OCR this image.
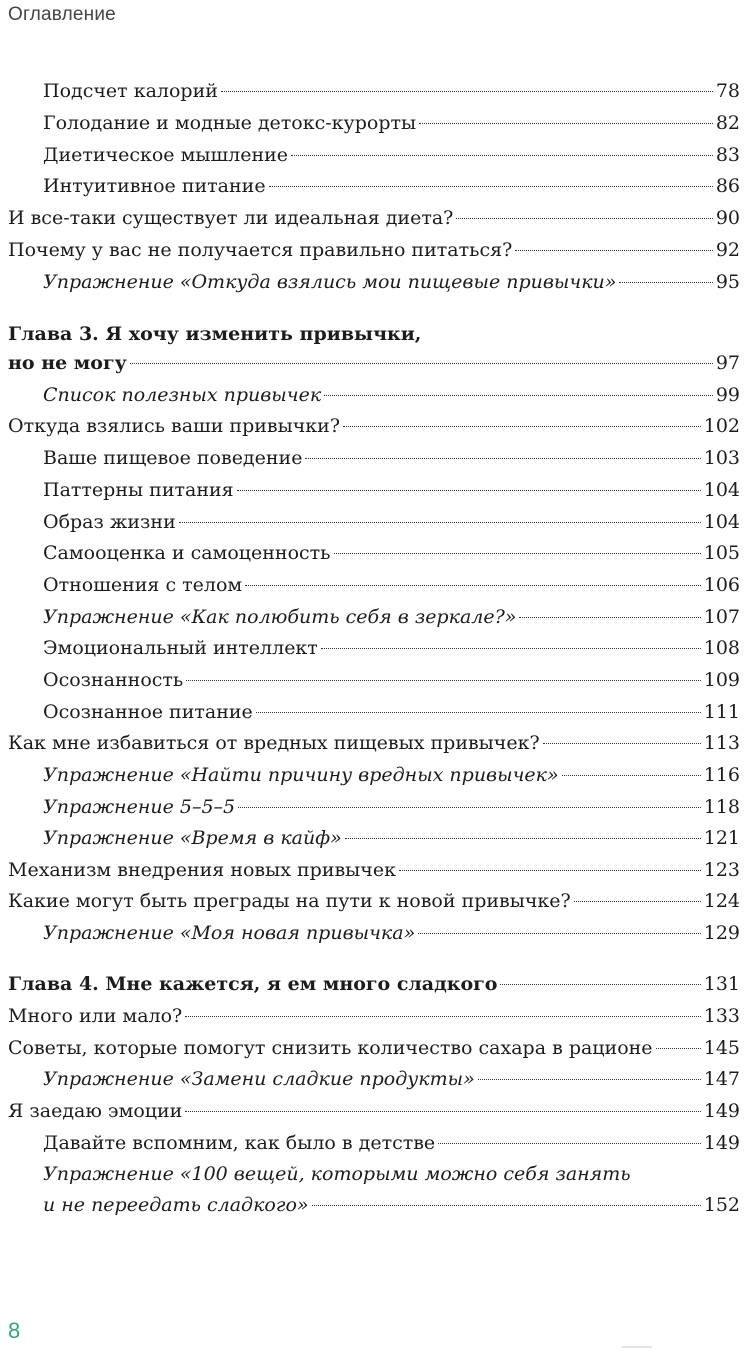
Оглавление
Подсчет калорий	78
Голодание и модные детокс-курорты	82
Диетическое мышление	83
Интуитивное питание	86
И все-таки существует ли идеальная диета?	90
Почему у вас не получается правильно питаться?	92
Упражнение «Откуда взялись мои пищевые привычки»	95
Глава 3. Я хочу изменить привычки,
но не могу	97
Список полезных привычек	99
Откуда взялись ваши привычки?	102
Ваше пищевое поведение	103
Паттерны питания	104
Образ жизни	104
Самооценка и самоценность	105
Отношения с телом	106
Упражнение «Как полюбить себя в зеркале?»	107
Эмоциональный интеллект	108
Осознанность	109
Осознанное питание	111
Как мне избавиться от вредных пищевых привычек?	113
Упражнение «Найти причину вредных привычек»	116
Упражнение 5–5–5	118
Упражнение «Время в кайф»	121
Механизм внедрения новых привычек	123
Какие могут быть преграды на пути к новой привычке?	124
Упражнение «Моя новая привычка»	129
Глава 4. Мне кажется, я ем много сладкого	131
Много или мало?	133
Советы, которые помогут снизить количество сахара в рационе	145
Упражнение «Замени сладкие продукты»	147
Я заедаю эмоции	149
Давайте вспомним, как было в детстве	149
Упражнение «100 вещей, которыми можно себя занять
и не переедать сладкого»	152
8
